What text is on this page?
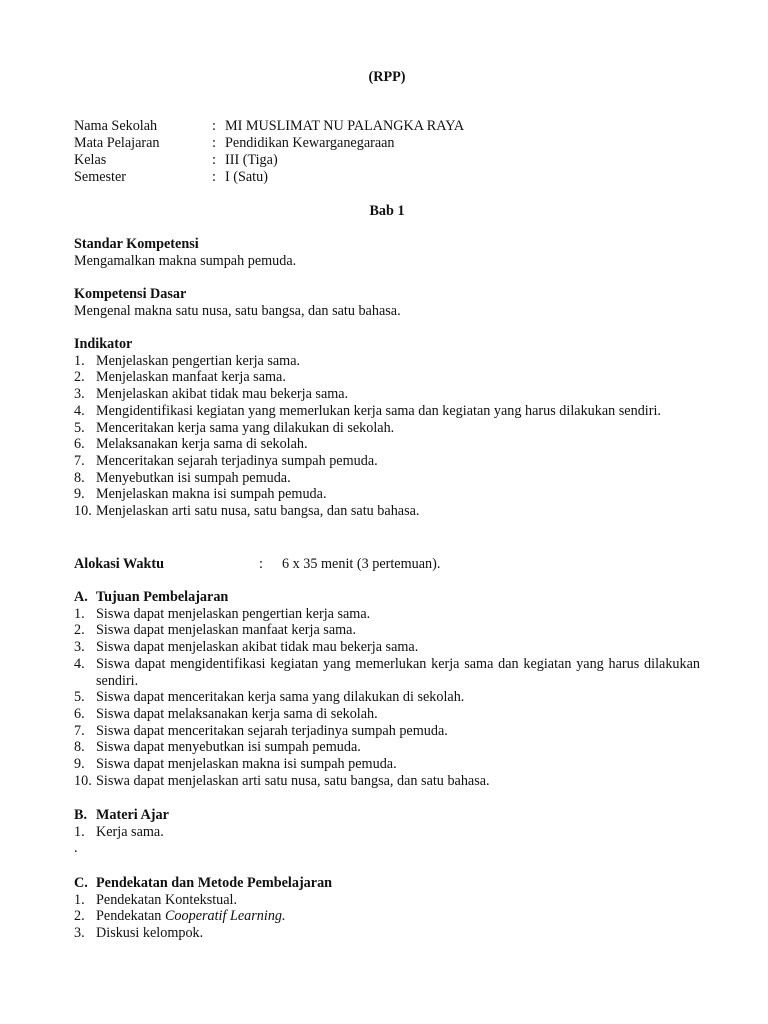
(RPP)
Nama Sekolah	: MI MUSLIMAT NU PALANGKA RAYA
Mata Pelajaran	: Pendidikan Kewarganegaraan
Kelas	: III (Tiga)
Semester	: I (Satu)
Bab 1
Standar Kompetensi
Mengamalkan makna sumpah pemuda.
Kompetensi Dasar
Mengenal makna satu nusa, satu bangsa, dan satu bahasa.
Indikator
1. Menjelaskan pengertian kerja sama.
2. Menjelaskan manfaat kerja sama.
3. Menjelaskan akibat tidak mau bekerja sama.
4. Mengidentifikasi kegiatan yang memerlukan kerja sama dan kegiatan yang harus dilakukan sendiri.
5. Menceritakan kerja sama yang dilakukan di sekolah.
6. Melaksanakan kerja sama di sekolah.
7. Menceritakan sejarah terjadinya sumpah pemuda.
8. Menyebutkan isi sumpah pemuda.
9. Menjelaskan makna isi sumpah pemuda.
10. Menjelaskan arti satu nusa, satu bangsa, dan satu bahasa.
Alokasi Waktu	: 6 x 35 menit (3 pertemuan).
A. Tujuan Pembelajaran
1. Siswa dapat menjelaskan pengertian kerja sama.
2. Siswa dapat menjelaskan manfaat kerja sama.
3. Siswa dapat menjelaskan akibat tidak mau bekerja sama.
4. Siswa dapat mengidentifikasi kegiatan yang memerlukan kerja sama dan kegiatan yang harus dilakukan sendiri.
5. Siswa dapat menceritakan kerja sama yang dilakukan di sekolah.
6. Siswa dapat melaksanakan kerja sama di sekolah.
7. Siswa dapat menceritakan sejarah terjadinya sumpah pemuda.
8. Siswa dapat menyebutkan isi sumpah pemuda.
9. Siswa dapat menjelaskan makna isi sumpah pemuda.
10. Siswa dapat menjelaskan arti satu nusa, satu bangsa, dan satu bahasa.
B. Materi Ajar
1. Kerja sama.
.
C. Pendekatan dan Metode Pembelajaran
1. Pendekatan Kontekstual.
2. Pendekatan Cooperatif Learning.
3. Diskusi kelompok.
